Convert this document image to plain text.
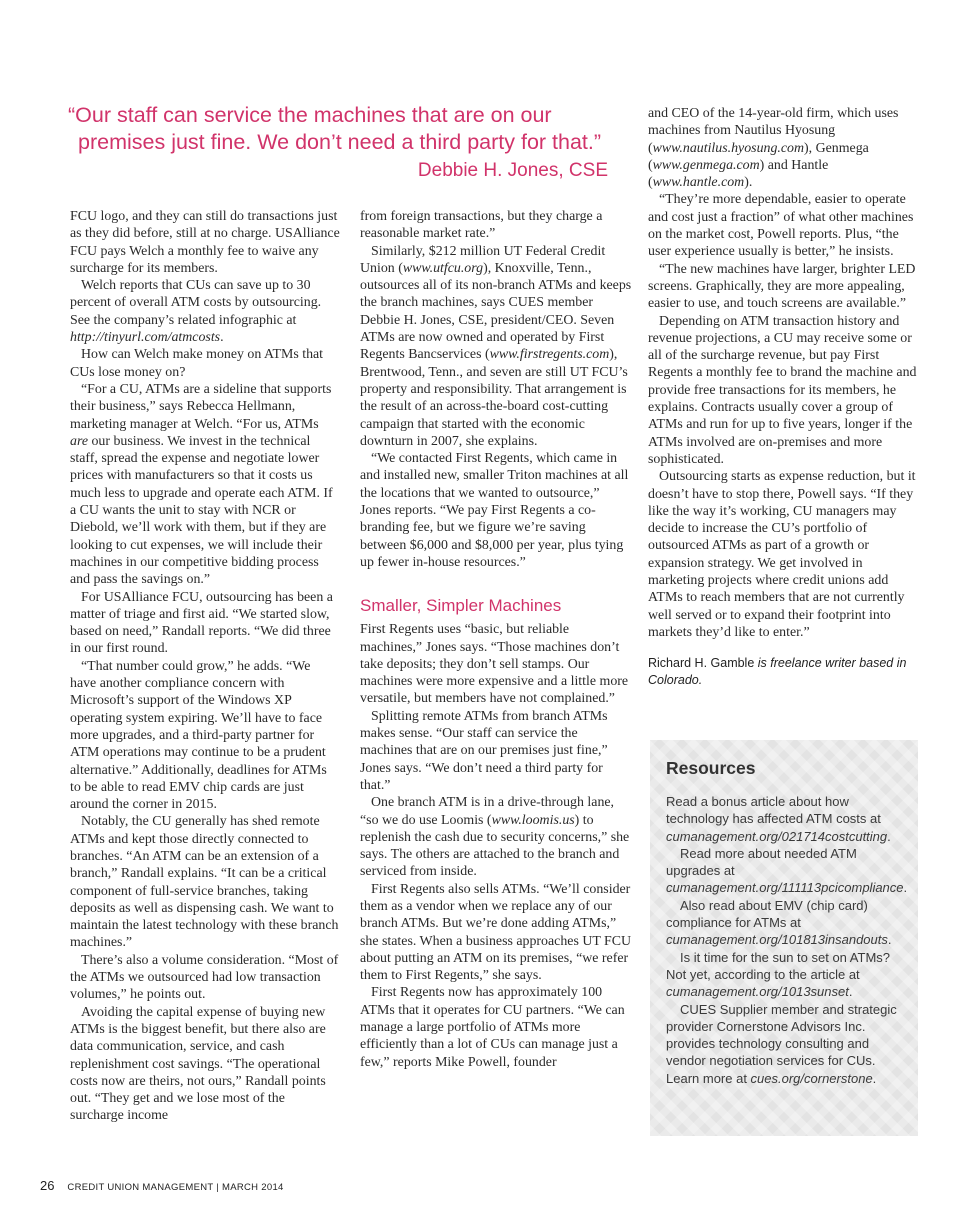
“Our staff can service the machines that are on our
premises just fine. We don’t need a third party for that.”
Debbie H. Jones, CSE

FCU logo, and they can still do transactions just as they did before, still at no charge. USAlliance FCU pays Welch a monthly fee to waive any surcharge for its members.

Welch reports that CUs can save up to 30 percent of overall ATM costs by outsourcing. See the company’s related infographic at http://tinyurl.com/atmcosts.

How can Welch make money on ATMs that CUs lose money on?

“For a CU, ATMs are a sideline that supports their business,” says Rebecca Hellmann, marketing manager at Welch. “For us, ATMs are our business. We invest in the technical staff, spread the expense and negotiate lower prices with manufacturers so that it costs us much less to upgrade and operate each ATM. If a CU wants the unit to stay with NCR or Diebold, we’ll work with them, but if they are looking to cut expenses, we will include their machines in our competitive bidding process and pass the savings on.”

For USAlliance FCU, outsourcing has been a matter of triage and first aid. “We started slow, based on need,” Randall reports. “We did three in our first round.

“That number could grow,” he adds. “We have another compliance concern with Microsoft’s support of the Windows XP operating system expiring. We’ll have to face more upgrades, and a third-party partner for ATM operations may continue to be a prudent alternative.” Additionally, deadlines for ATMs to be able to read EMV chip cards are just around the corner in 2015.

Notably, the CU generally has shed remote ATMs and kept those directly connected to branches. “An ATM can be an extension of a branch,” Randall explains. “It can be a critical component of full-service branches, taking deposits as well as dispensing cash. We want to maintain the latest technology with these branch machines.”

There’s also a volume consideration. “Most of the ATMs we outsourced had low transaction volumes,” he points out.

Avoiding the capital expense of buying new ATMs is the biggest benefit, but there also are data communication, service, and cash replenishment cost savings. “The operational costs now are theirs, not ours,” Randall points out. “They get and we lose most of the surcharge income

from foreign transactions, but they charge a reasonable market rate.”

Similarly, $212 million UT Federal Credit Union (www.utfcu.org), Knoxville, Tenn., outsources all of its non-branch ATMs and keeps the branch machines, says CUES member Debbie H. Jones, CSE, president/CEO. Seven ATMs are now owned and operated by First Regents Bancservices (www.firstregents.com), Brentwood, Tenn., and seven are still UT FCU’s property and responsibility. That arrangement is the result of an across-the-board cost-cutting campaign that started with the economic downturn in 2007, she explains.

“We contacted First Regents, which came in and installed new, smaller Triton machines at all the locations that we wanted to outsource,” Jones reports. “We pay First Regents a co-branding fee, but we figure we’re saving between $6,000 and $8,000 per year, plus tying up fewer in-house resources.”

Smaller, Simpler Machines

First Regents uses “basic, but reliable machines,” Jones says. “Those machines don’t take deposits; they don’t sell stamps. Our machines were more expensive and a little more versatile, but members have not complained.”

Splitting remote ATMs from branch ATMs makes sense. “Our staff can service the machines that are on our premises just fine,” Jones says. “We don’t need a third party for that.”

One branch ATM is in a drive-through lane, “so we do use Loomis (www.loomis.us) to replenish the cash due to security concerns,” she says. The others are attached to the branch and serviced from inside.

First Regents also sells ATMs. “We’ll consider them as a vendor when we replace any of our branch ATMs. But we’re done adding ATMs,” she states. When a business approaches UT FCU about putting an ATM on its premises, “we refer them to First Regents,” she says.

First Regents now has approximately 100 ATMs that it operates for CU partners. “We can manage a large portfolio of ATMs more efficiently than a lot of CUs can manage just a few,” reports Mike Powell, founder

and CEO of the 14-year-old firm, which uses machines from Nautilus Hyosung (www.nautilus.hyosung.com), Genmega (www.genmega.com) and Hantle (www.hantle.com).

“They’re more dependable, easier to operate and cost just a fraction” of what other machines on the market cost, Powell reports. Plus, “the user experience usually is better,” he insists.

“The new machines have larger, brighter LED screens. Graphically, they are more appealing, easier to use, and touch screens are available.”

Depending on ATM transaction history and revenue projections, a CU may receive some or all of the surcharge revenue, but pay First Regents a monthly fee to brand the machine and provide free transactions for its members, he explains. Contracts usually cover a group of ATMs and run for up to five years, longer if the ATMs involved are on-premises and more sophisticated.

Outsourcing starts as expense reduction, but it doesn’t have to stop there, Powell says. “If they like the way it’s working, CU managers may decide to increase the CU’s portfolio of outsourced ATMs as part of a growth or expansion strategy. We get involved in marketing projects where credit unions add ATMs to reach members that are not currently well served or to expand their footprint into markets they’d like to enter.”

Richard H. Gamble is freelance writer based in Colorado.
Resources

Read a bonus article about how technology has affected ATM costs at cumanagement.org/021714costcutting.

Read more about needed ATM upgrades at cumanagement.org/111113pcicompliance.

Also read about EMV (chip card) compliance for ATMs at cumanagement.org/101813insandouts.

Is it time for the sun to set on ATMs? Not yet, according to the article at cumanagement.org/1013sunset.

CUES Supplier member and strategic provider Cornerstone Advisors Inc. provides technology consulting and vendor negotiation services for CUs. Learn more at cues.org/cornerstone.

26 CREDIT UNION MANAGEMENT | MARCH 2014
